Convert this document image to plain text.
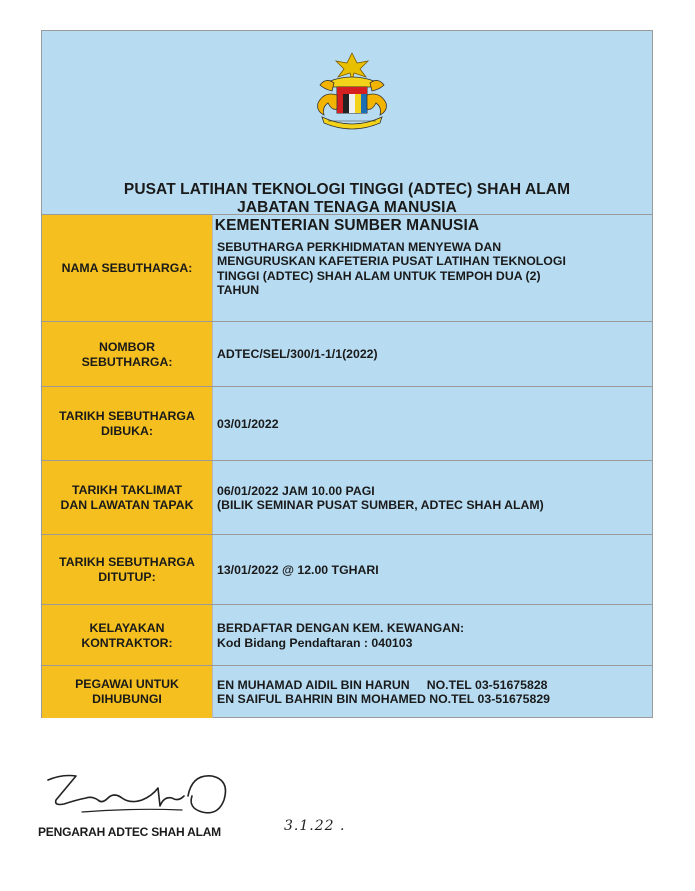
PUSAT LATIHAN TEKNOLOGI TINGGI (ADTEC) SHAH ALAM
JABATAN TENAGA MANUSIA
KEMENTERIAN SUMBER MANUSIA
NAMA SEBUTHARGA:
SEBUTHARGA PERKHIDMATAN MENYEWA DAN
MENGURUSKAN KAFETERIA PUSAT LATIHAN TEKNOLOGI
TINGGI (ADTEC) SHAH ALAM UNTUK TEMPOH DUA (2)
TAHUN
NOMBOR
SEBUTHARGA:
ADTEC/SEL/300/1-1/1(2022)
TARIKH SEBUTHARGA
DIBUKA:
03/01/2022
TARIKH TAKLIMAT
DAN LAWATAN TAPAK
06/01/2022 JAM 10.00 PAGI
(BILIK SEMINAR PUSAT SUMBER, ADTEC SHAH ALAM)
TARIKH SEBUTHARGA
DITUTUP:
13/01/2022 @ 12.00 TGHARI
KELAYAKAN
KONTRAKTOR:
BERDAFTAR DENGAN KEM. KEWANGAN:
Kod Bidang Pendaftaran : 040103
PEGAWAI UNTUK
DIHUBUNGI
EN MUHAMAD AIDIL BIN HARUN     NO.TEL 03-51675828
EN SAIFUL BAHRIN BIN MOHAMED NO.TEL 03-51675829
PENGARAH ADTEC SHAH ALAM	3.1.22 .
